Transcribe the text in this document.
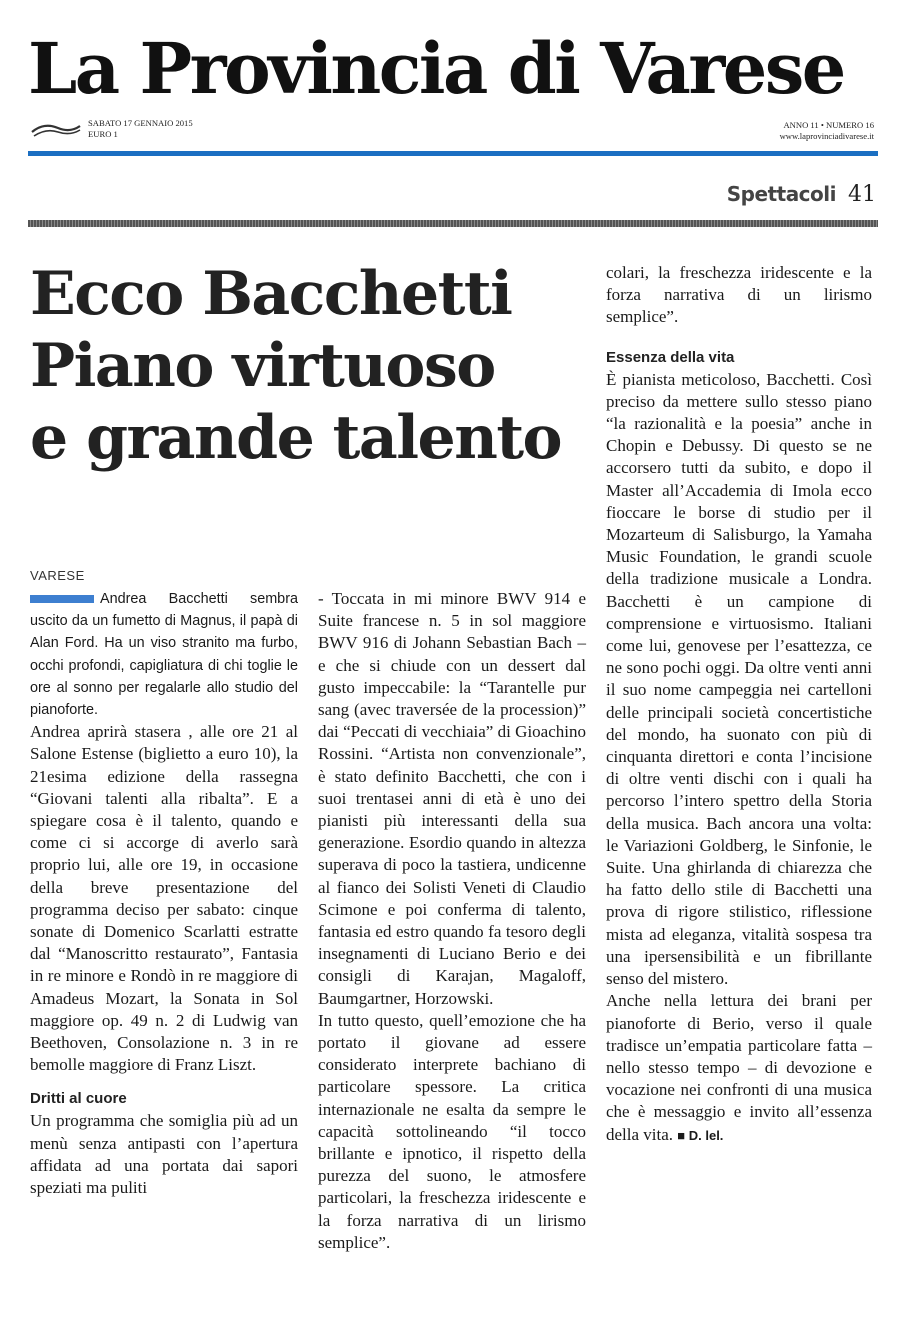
La Provincia di Varese
SABATO 17 GENNAIO 2015
EURO 1
ANNO 11 • NUMERO 16
www.laprovinciadivarese.it
Spettacoli 41
Ecco Bacchetti
Piano virtuoso
e grande talento
VARESE

Andrea Bacchetti sembra uscito da un fumetto di Magnus, il papà di Alan Ford. Ha un viso stranito ma furbo, occhi profondi, capigliatura di chi toglie le ore al sonno per regalarle allo studio del pianoforte.

Andrea aprirà stasera , alle ore 21 al Salone Estense (biglietto a euro 10), la 21esima edizione della rassegna “Giovani talenti alla ribalta”. E a spiegare cosa è il talento, quando e come ci si accorge di averlo sarà proprio lui, alle ore 19, in occasione della breve presentazione del programma deciso per sabato: cinque sonate di Domenico Scarlatti estratte dal “Manoscritto restaurato”, Fantasia in re minore e Rondò in re maggiore di Amadeus Mozart, la Sonata in Sol maggiore op. 49 n. 2 di Ludwig van Beethoven, Consolazione n. 3 in re bemolle maggiore di Franz Liszt.

Dritti al cuore

Un programma che somiglia più ad un menù senza antipasti con l’apertura affidata ad una portata dai sapori speziati ma puliti

- Toccata in mi minore BWV 914 e Suite francese n. 5 in sol maggiore BWV 916 di Johann Sebastian Bach – e che si chiude con un dessert dal gusto impeccabile: la “Tarantelle pur sang (avec traversée de la procession)” dai “Peccati di vecchiaia” di Gioachino Rossini. “Artista non convenzionale”, è stato definito Bacchetti, che con i suoi trentasei anni di età è uno dei pianisti più interessanti della sua generazione. Esordio quando in altezza superava di poco la tastiera, undicenne al fianco dei Solisti Veneti di Claudio Scimone e poi conferma di talento, fantasia ed estro quando fa tesoro degli insegnamenti di Luciano Berio e dei consigli di Karajan, Magaloff, Baumgartner, Horzowski.

In tutto questo, quell’emozione che ha portato il giovane ad essere considerato interprete bachiano di particolare spessore. La critica internazionale ne esalta da sempre le capacità sottolineando “il tocco brillante e ipnotico, il rispetto della purezza del suono, le atmosfere particolari, la freschezza iridescente e la forza narrativa di un lirismo semplice”.

colari, la freschezza iridescente e la forza narrativa di un lirismo semplice”.

Essenza della vita

È pianista meticoloso, Bacchetti. Così preciso da mettere sullo stesso piano “la razionalità e la poesia” anche in Chopin e Debussy. Di questo se ne accorsero tutti da subito, e dopo il Master all’Accademia di Imola ecco fioccare le borse di studio per il Mozarteum di Salisburgo, la Yamaha Music Foundation, le grandi scuole della tradizione musicale a Londra. Bacchetti è un campione di comprensione e virtuosismo. Italiani come lui, genovese per l’esattezza, ce ne sono pochi oggi. Da oltre venti anni il suo nome campeggia nei cartelloni delle principali società concertistiche del mondo, ha suonato con più di cinquanta direttori e conta l’incisione di oltre venti dischi con i quali ha percorso l’intero spettro della Storia della musica. Bach ancora una volta: le Variazioni Goldberg, le Sinfonie, le Suite. Una ghirlanda di chiarezza che ha fatto dello stile di Bacchetti una prova di rigore stilistico, riflessione mista ad eleganza, vitalità sospesa tra una ipersensibilità e un fibrillante senso del mistero.

Anche nella lettura dei brani per pianoforte di Berio, verso il quale tradisce un’empatia particolare fatta – nello stesso tempo – di devozione e vocazione nei confronti di una musica che è messaggio e invito all’essenza della vita. ■ D. lel.
